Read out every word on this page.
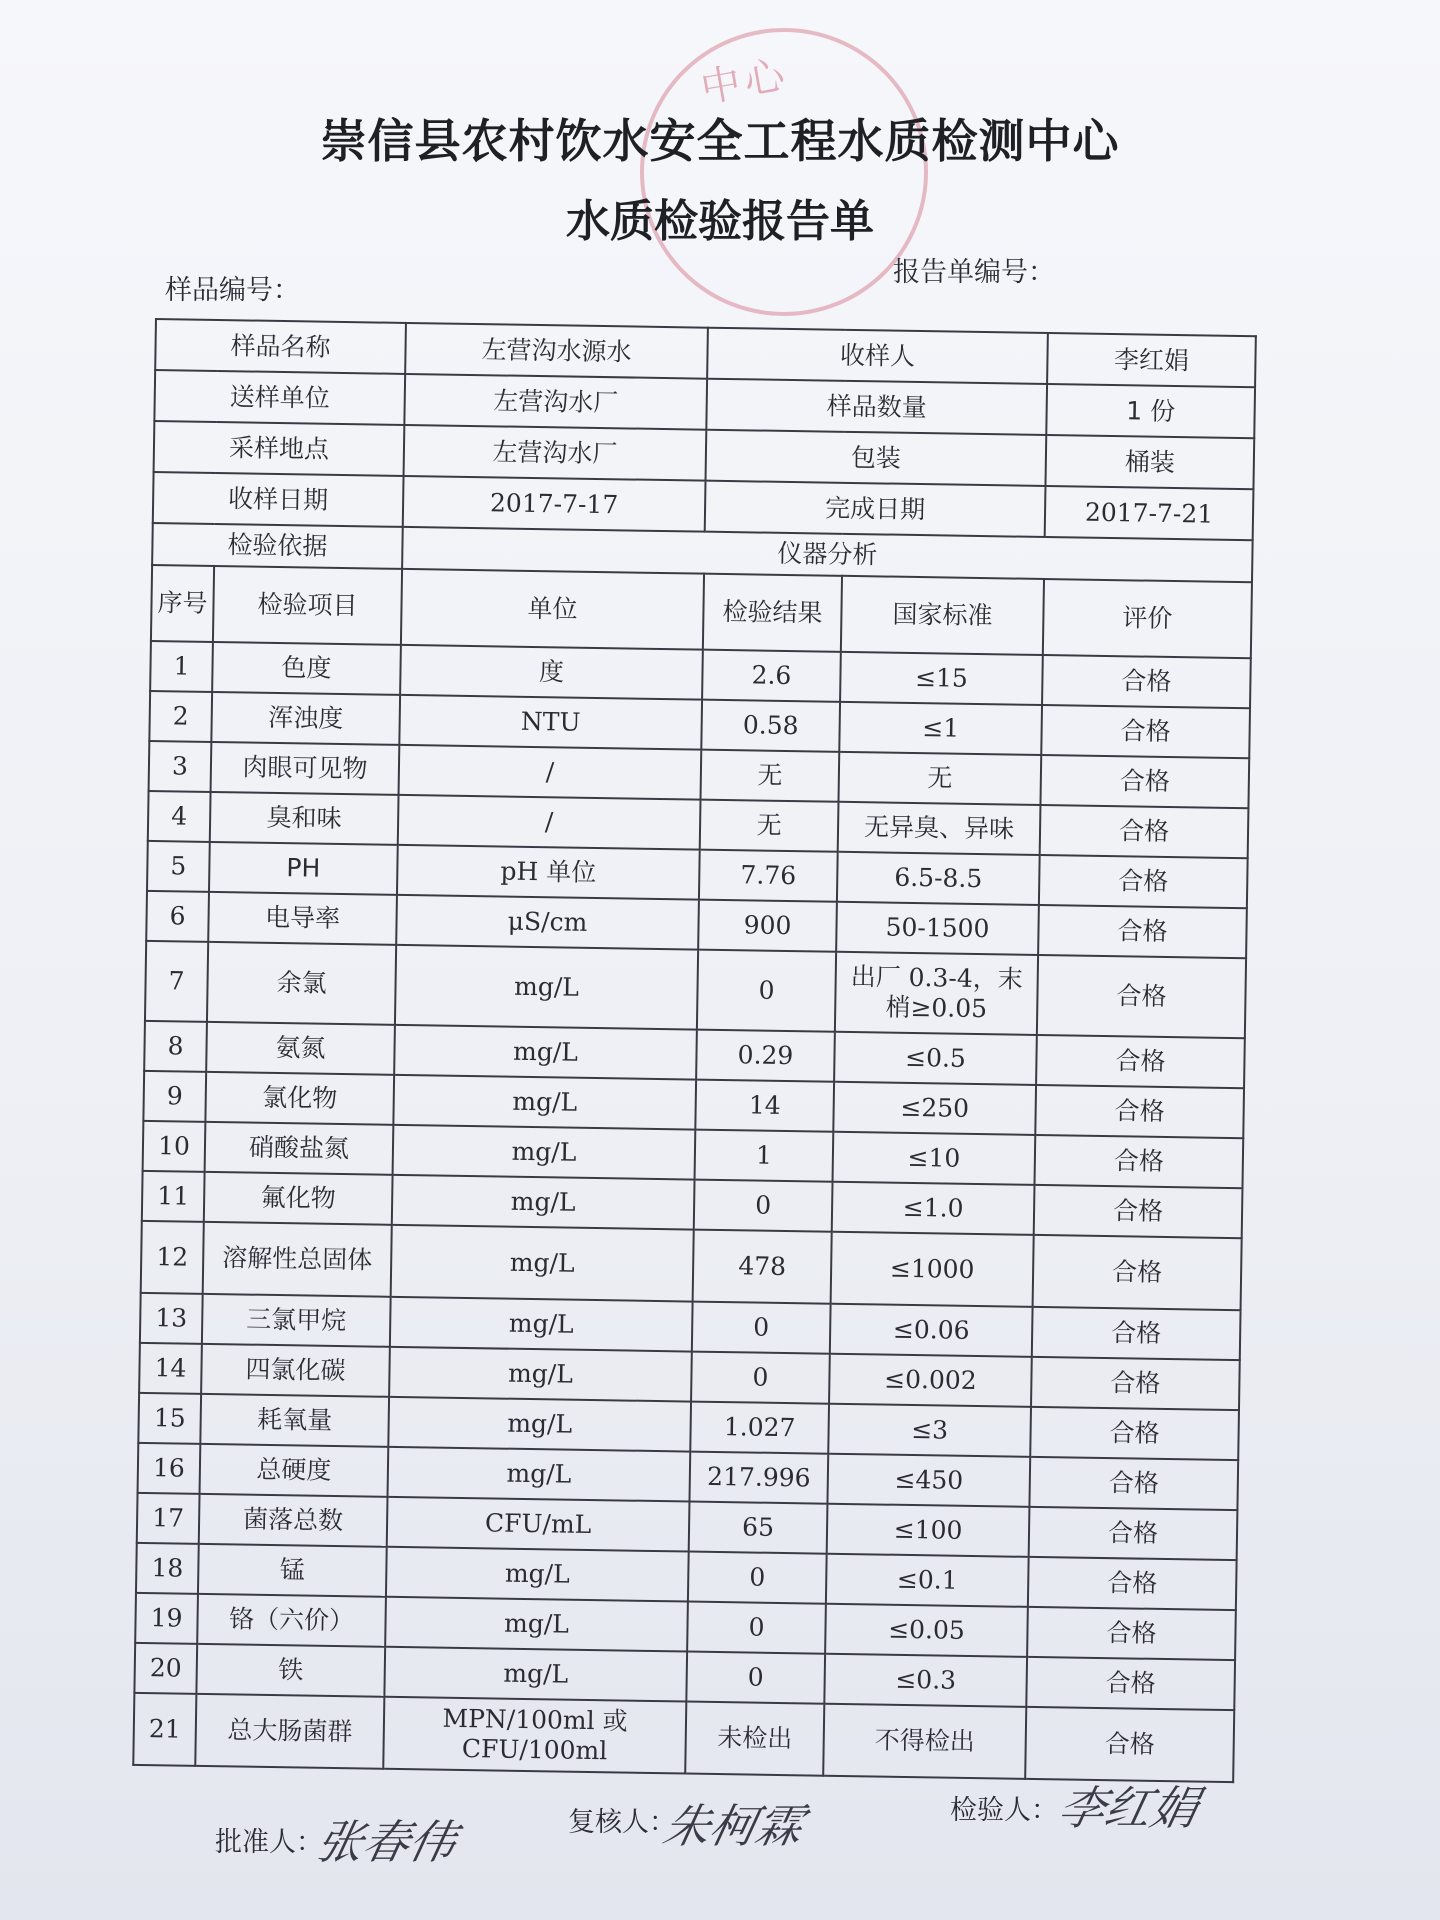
中心
崇信县农村饮水安全工程水质检测中心
水质检验报告单
样品编号：
报告单编号：
样品名称		左营沟水源水	收样人		李红娟
送样单位		左营沟水厂	样品数量		1 份
采样地点		左营沟水厂	包装		桶装
收样日期		2017-7-17	完成日期		2017-7-21
检验依据		仪器分析			
序号	检验项目	单位	检验结果	国家标准	评价
1	色度	度	2.6	≤15	合格
2	浑浊度	NTU	0.58	≤1	合格
3	肉眼可见物	/	无	无	合格
4	臭和味	/	无	无异臭、异味	合格
5	PH	pH 单位	7.76	6.5-8.5	合格
6	电导率	μS/cm	900	50-1500	合格
7	余氯	mg/L	0	出厂 0.3-4，末梢≥0.05	合格
8	氨氮	mg/L	0.29	≤0.5	合格
9	氯化物	mg/L	14	≤250	合格
10	硝酸盐氮	mg/L	1	≤10	合格
11	氟化物	mg/L	0	≤1.0	合格
12	溶解性总固体	mg/L	478	≤1000	合格
13	三氯甲烷	mg/L	0	≤0.06	合格
14	四氯化碳	mg/L	0	≤0.002	合格
15	耗氧量	mg/L	1.027	≤3	合格
16	总硬度	mg/L	217.996	≤450	合格
17	菌落总数	CFU/mL	65	≤100	合格
18	锰	mg/L	0	≤0.1	合格
19	铬（六价）	mg/L	0	≤0.05	合格
20	铁	mg/L	0	≤0.3	合格
21	总大肠菌群	MPN/100ml 或 CFU/100ml	未检出	不得检出	合格
批准人：
张春伟	复核人：
朱柯霖	检验人：
李红娟
